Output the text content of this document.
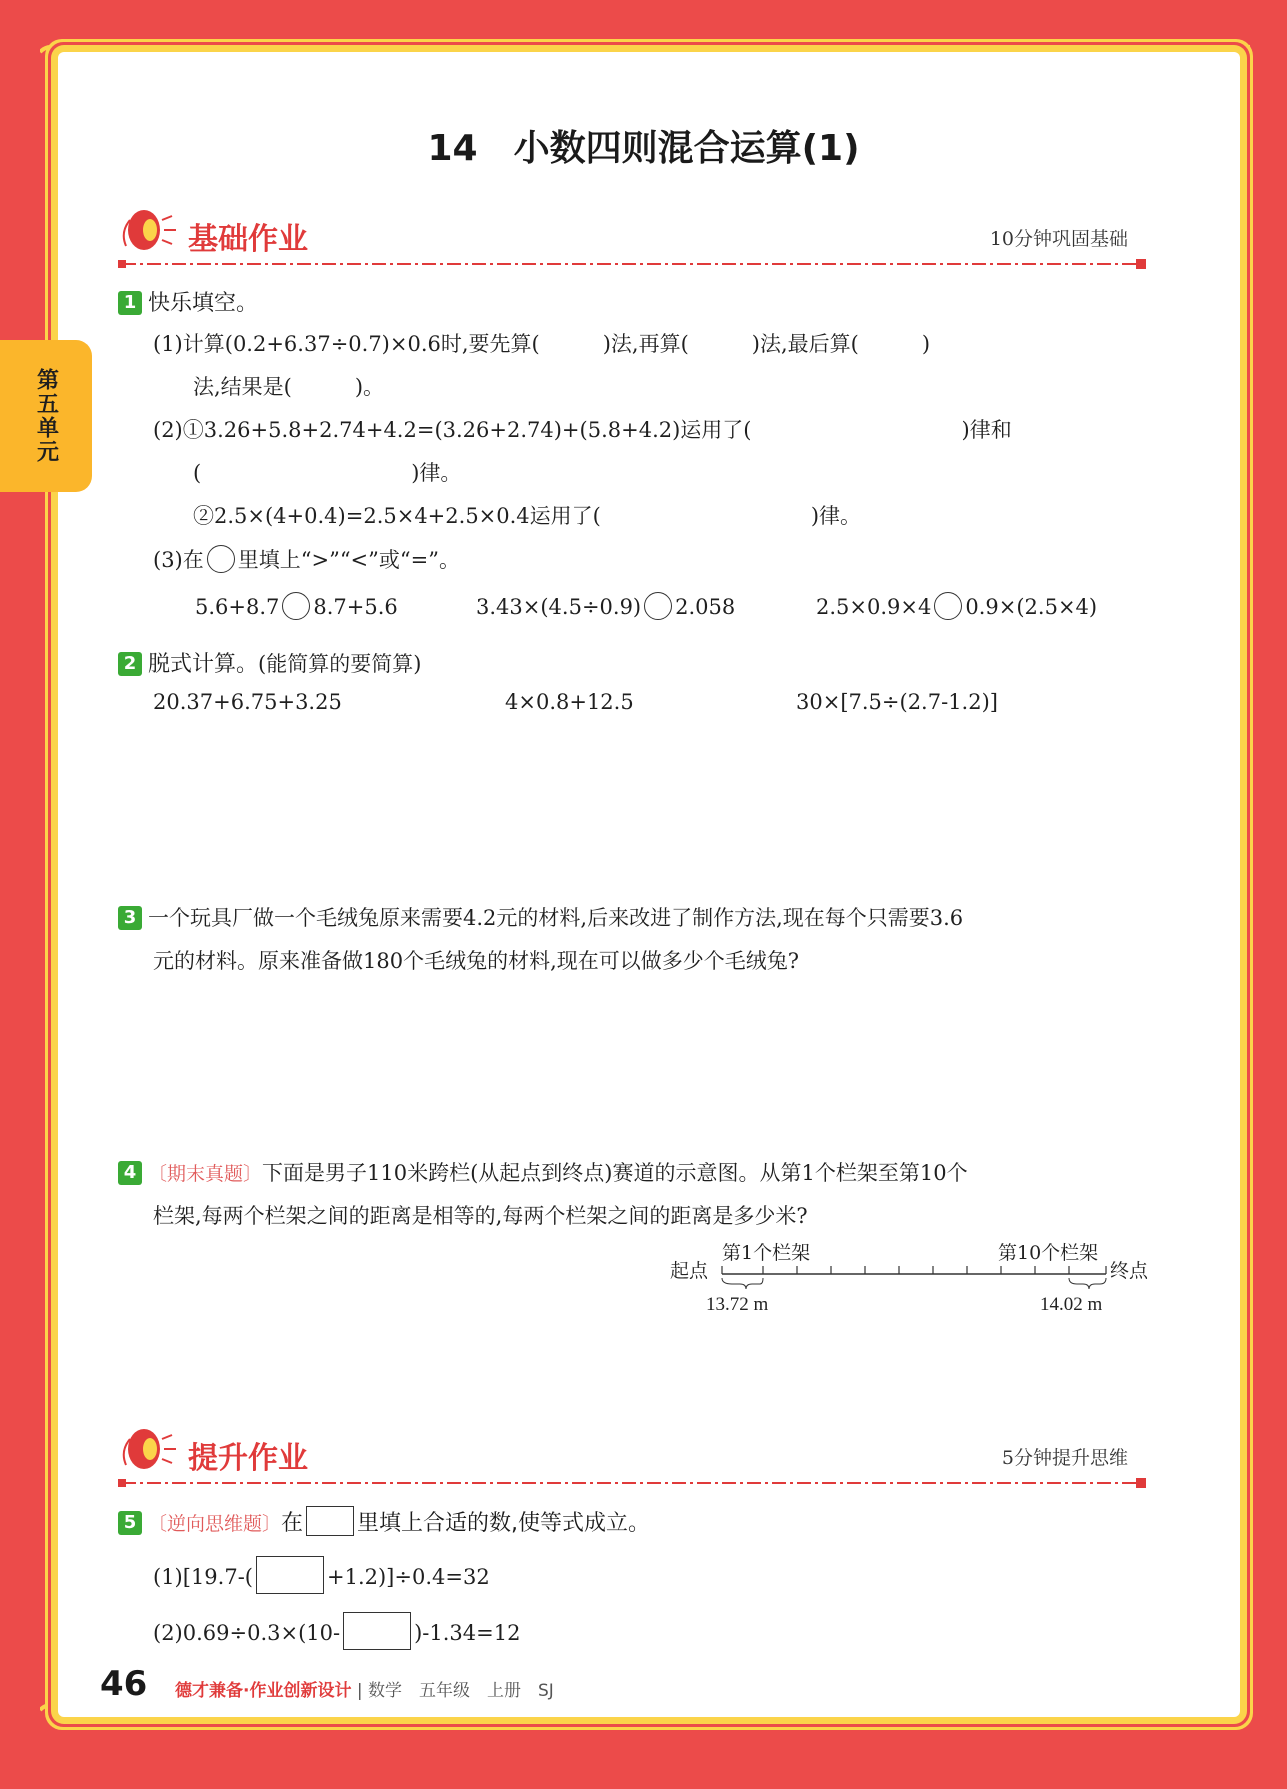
第五单元
14　小数四则混合运算(1)
基础作业	10分钟巩固基础
1 快乐填空。
(1)计算(0.2+6.37÷0.7)×0.6时,要先算(　　　)法,再算(　　　)法,最后算(　　　)
法,结果是(　　　)。
(2)①3.26+5.8+2.74+4.2=(3.26+2.74)+(5.8+4.2)运用了(　　　　　　　　　　)律和
(　　　　　　　　　　)律。
②2.5×(4+0.4)=2.5×4+2.5×0.4运用了(　　　　　　　　　　)律。
(3)在 里填上“>”“<”或“=”。
5.6+8.7 8.7+5.6	3.43×(4.5÷0.9) 2.058	2.5×0.9×4 0.9×(2.5×4)
2 脱式计算。(能简算的要简算)
20.37+6.75+3.25	4×0.8+12.5	30×[7.5÷(2.7-1.2)]
3 一个玩具厂做一个毛绒兔原来需要4.2元的材料,后来改进了制作方法,现在每个只需要3.6
元的材料。原来准备做180个毛绒兔的材料,现在可以做多少个毛绒兔?
4 〔期末真题〕下面是男子110米跨栏(从起点到终点)赛道的示意图。从第1个栏架至第10个
栏架,每两个栏架之间的距离是相等的,每两个栏架之间的距离是多少米?
起点	终点
第1个栏架	第10个栏架
13.72 m	14.02 m
提升作业	5分钟提升思维
5 〔逆向思维题〕在 里填上合适的数,使等式成立。
(1)[19.7-(	+1.2)]÷0.4=32
(2)0.69÷0.3×(10-	)-1.34=12
46 德才兼备·作业创新设计 | 数学　五年级　上册　SJ
